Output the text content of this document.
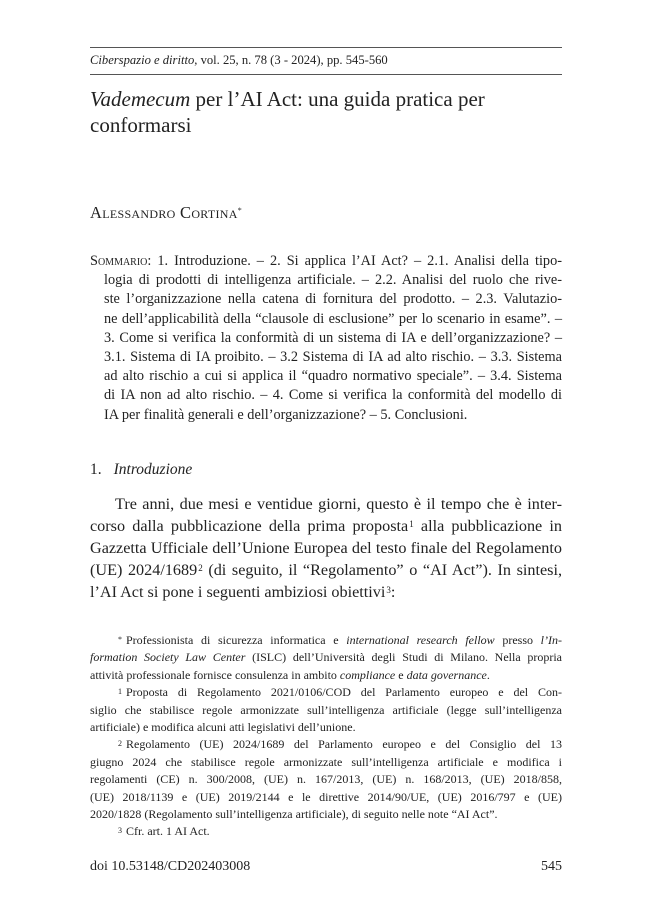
Ciberspazio e diritto, vol. 25, n. 78 (3 - 2024), pp. 545-560
Vademecum per l’AI Act: una guida pratica per
conformarsi
Alessandro Cortina*
Sommario: 1. Introduzione. – 2. Si applica l’AI Act? – 2.1. Analisi della tipo-
logia di prodotti di intelligenza artificiale. – 2.2. Analisi del ruolo che rive-
ste l’organizzazione nella catena di fornitura del prodotto. – 2.3. Valutazio-
ne dell’applicabilità della “clausole di esclusione” per lo scenario in esame”. –
3. Come si verifica la conformità di un sistema di IA e dell’organizzazione? –
3.1. Sistema di IA proibito. – 3.2 Sistema di IA ad alto rischio. – 3.3. Sistema
ad alto rischio a cui si applica il “quadro normativo speciale”. – 3.4. Sistema
di IA non ad alto rischio. – 4. Come si verifica la conformità del modello di
IA per finalità generali e dell’organizzazione? – 5. Conclusioni.
1. Introduzione
Tre anni, due mesi e ventidue giorni, questo è il tempo che è inter-
corso dalla pubblicazione della prima proposta$^1$ alla pubblicazione in
Gazzetta Ufficiale dell’Unione Europea del testo finale del Regolamento
(UE) 2024/1689$^2$ (di seguito, il “Regolamento” o “AI Act”). In sintesi,
l’AI Act si pone i seguenti ambiziosi obiettivi$^3$:
* Professionista di sicurezza informatica e international research fellow presso l’In-
formation Society Law Center (ISLC) dell’Università degli Studi di Milano. Nella propria
attività professionale fornisce consulenza in ambito compliance e data governance.
$^1$ Proposta di Regolamento 2021/0106/COD del Parlamento europeo e del Con-
siglio che stabilisce regole armonizzate sull’intelligenza artificiale (legge sull’intelligenza
artificiale) e modifica alcuni atti legislativi dell’unione.
$^2$ Regolamento (UE) 2024/1689 del Parlamento europeo e del Consiglio del 13
giugno 2024 che stabilisce regole armonizzate sull’intelligenza artificiale e modifica i
regolamenti (CE) n. 300/2008, (UE) n. 167/2013, (UE) n. 168/2013, (UE) 2018/858,
(UE) 2018/1139 e (UE) 2019/2144 e le direttive 2014/90/UE, (UE) 2016/797 e (UE)
2020/1828 (Regolamento sull’intelligenza artificiale), di seguito nelle note “AI Act”.
$^3$ Cfr. art. 1 AI Act.
doi 10.53148/CD202403008	545
